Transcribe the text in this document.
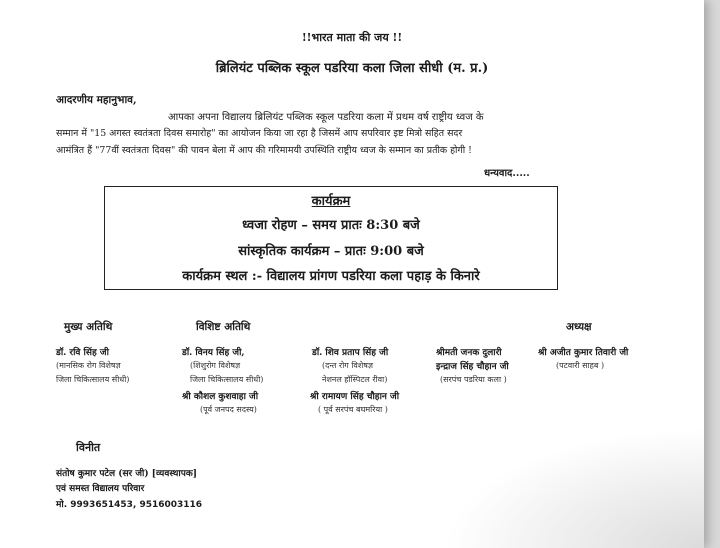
!!भारत माता की जय !!
ब्रिलियंट पब्लिक स्कूल पडरिया कला जिला सीधी (म. प्र.)
आदरणीय महानुभाव,
आपका अपना विद्यालय ब्रिलियंट पब्लिक स्कूल पडरिया कला में प्रथम वर्ष राष्ट्रीय ध्वज के
सम्मान में "15 अगस्त स्वतंत्रता दिवस समारोह" का आयोजन किया जा रहा है जिसमें आप सपरिवार इष्ट मित्रो सहित सदर
आमंत्रित हैं "77वीं स्वतंत्रता दिवस" की पावन बेला में आप की गरिमामयी उपस्थिति राष्ट्रीय ध्वज के सम्मान का प्रतीक होगी !
धन्यवाद.....
कार्यक्रम
ध्वजा रोहण – समय प्रातः 8:30 बजे
सांस्कृतिक कार्यक्रम – प्रातः 9:00 बजे
कार्यक्रम स्थल :- विद्यालय प्रांगण पडरिया कला पहाड़ के किनारे
मुख्य अतिथि	विशिष्ट अतिथि	अध्यक्ष
डॉ. रवि सिंह जी
(मानसिक रोग विशेषज्ञ
जिला चिकित्सालय सीधी)
डॉ. विनय सिंह जी,
(शिशुरोग विशेषज्ञ
जिला चिकित्सालय सीधी)
श्री कौशल कुशवाहा जी
(पूर्व जनपद सदस्य)
डॉ. शिव प्रताप सिंह जी
(दन्त रोग विशेषज्ञ
नेशनल हॉस्पिटल रीवा)
श्री रामायण सिंह चौहान जी
( पूर्व सरपंच बघमरिया )
श्रीमती जनक दुलारी
इन्द्राज सिंह चौहान जी
(सरपंच पडरिया कला )
श्री अजीत कुमार तिवारी जी
(पटवारी साहब )
विनीत
संतोष कुमार पटेल (सर जी) [व्यवस्थापक]
एवं समस्त विद्यालय परिवार
मो. 9993651453, 9516003116
